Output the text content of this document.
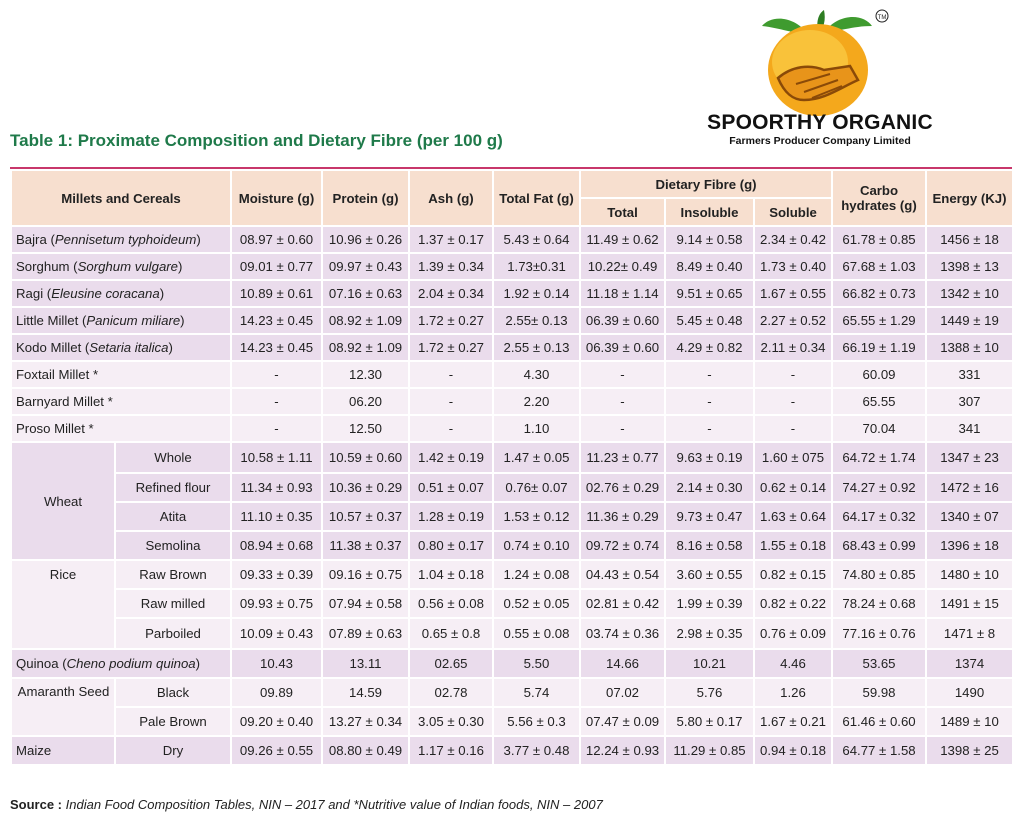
TM
SPOORTHY ORGANIC
Farmers Producer Company Limited
Table 1: Proximate Composition and Dietary Fibre (per 100 g)
Millets and Cereals		Moisture (g)	Protein (g)	Ash (g)	Total Fat (g)	Dietary Fibre (g)			Carbo hydrates (g)	Energy (KJ)
						Total	Insoluble	Soluble		
Bajra (Pennisetum typhoideum)		08.97 ± 0.60	10.96 ± 0.26	1.37 ± 0.17	5.43 ± 0.64	11.49 ± 0.62	9.14 ± 0.58	2.34 ± 0.42	61.78 ± 0.85	1456 ± 18
Sorghum (Sorghum vulgare)		09.01 ± 0.77	09.97 ± 0.43	1.39 ± 0.34	1.73±0.31	10.22± 0.49	8.49 ± 0.40	1.73 ± 0.40	67.68 ± 1.03	1398 ± 13
Ragi (Eleusine coracana)		10.89 ± 0.61	07.16 ± 0.63	2.04 ± 0.34	1.92 ± 0.14	11.18 ± 1.14	9.51 ± 0.65	1.67 ± 0.55	66.82 ± 0.73	1342 ± 10
Little Millet (Panicum miliare)		14.23 ± 0.45	08.92 ± 1.09	1.72 ± 0.27	2.55± 0.13	06.39 ± 0.60	5.45 ± 0.48	2.27 ± 0.52	65.55 ± 1.29	1449 ± 19
Kodo Millet (Setaria italica)		14.23 ± 0.45	08.92 ± 1.09	1.72 ± 0.27	2.55 ± 0.13	06.39 ± 0.60	4.29 ± 0.82	2.11 ± 0.34	66.19 ± 1.19	1388 ± 10
Foxtail Millet *		-	12.30	-	4.30	-	-	-	60.09	331
Barnyard Millet *		-	06.20	-	2.20	-	-	-	65.55	307
Proso Millet *		-	12.50	-	1.10	-	-	-	70.04	341
Wheat	Whole	10.58 ± 1.11	10.59 ± 0.60	1.42 ± 0.19	1.47 ± 0.05	11.23 ± 0.77	9.63 ± 0.19	1.60 ± 075	64.72 ± 1.74	1347 ± 23
	Refined flour	11.34 ± 0.93	10.36 ± 0.29	0.51 ± 0.07	0.76± 0.07	02.76 ± 0.29	2.14 ± 0.30	0.62 ± 0.14	74.27 ± 0.92	1472 ± 16
	Atita	11.10 ± 0.35	10.57 ± 0.37	1.28 ± 0.19	1.53 ± 0.12	11.36 ± 0.29	9.73 ± 0.47	1.63 ± 0.64	64.17 ± 0.32	1340 ± 07
	Semolina	08.94 ± 0.68	11.38 ± 0.37	0.80 ± 0.17	0.74 ± 0.10	09.72 ± 0.74	8.16 ± 0.58	1.55 ± 0.18	68.43 ± 0.99	1396 ± 18
Rice	Raw Brown	09.33 ± 0.39	09.16 ± 0.75	1.04 ± 0.18	1.24 ± 0.08	04.43 ± 0.54	3.60 ± 0.55	0.82 ± 0.15	74.80 ± 0.85	1480 ± 10
	Raw milled	09.93 ± 0.75	07.94 ± 0.58	0.56 ± 0.08	0.52 ± 0.05	02.81 ± 0.42	1.99 ± 0.39	0.82 ± 0.22	78.24 ± 0.68	1491 ± 15
	Parboiled	10.09 ± 0.43	07.89 ± 0.63	0.65 ± 0.8	0.55 ± 0.08	03.74 ± 0.36	2.98 ± 0.35	0.76 ± 0.09	77.16 ± 0.76	1471 ± 8
Quinoa (Cheno podium quinoa)		10.43	13.11	02.65	5.50	14.66	10.21	4.46	53.65	1374
Amaranth Seed	Black	09.89	14.59	02.78	5.74	07.02	5.76	1.26	59.98	1490
	Pale Brown	09.20 ± 0.40	13.27 ± 0.34	3.05 ± 0.30	5.56 ± 0.3	07.47 ± 0.09	5.80 ± 0.17	1.67 ± 0.21	61.46 ± 0.60	1489 ± 10
Maize	Dry	09.26 ± 0.55	08.80 ± 0.49	1.17 ± 0.16	3.77 ± 0.48	12.24 ± 0.93	11.29 ± 0.85	0.94 ± 0.18	64.77 ± 1.58	1398 ± 25
Source : Indian Food Composition Tables, NIN – 2017 and *Nutritive value of Indian foods, NIN – 2007
